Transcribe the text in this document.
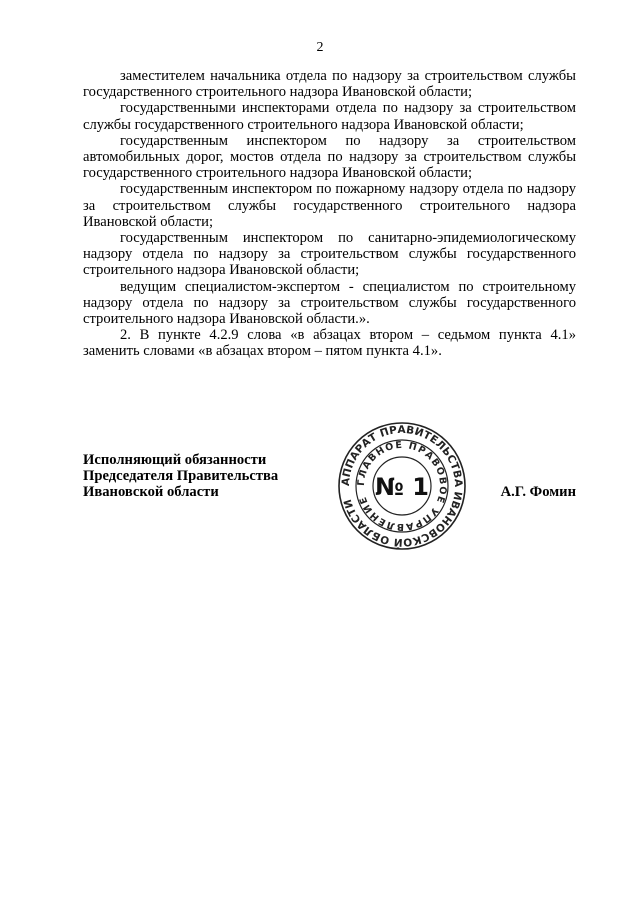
2

заместителем начальника отдела по надзору за строительством службы государственного строительного надзора Ивановской области;

государственными инспекторами отдела по надзору за строительством службы государственного строительного надзора Ивановской области;

государственным инспектором по надзору за строительством автомобильных дорог, мостов отдела по надзору за строительством службы государственного строительного надзора Ивановской области;

государственным инспектором по пожарному надзору отдела по надзору за строительством службы государственного строительного надзора Ивановской области;

государственным инспектором по санитарно-эпидемиологическому надзору отдела по надзору за строительством службы государственного строительного надзора Ивановской области;

ведущим специалистом-экспертом - специалистом по строительному надзору отдела по надзору за строительством службы государственного строительного надзора Ивановской области.».

2. В пункте 4.2.9 слова «в абзацах втором – седьмом пункта 4.1» заменить словами «в абзацах втором – пятом пункта 4.1».

Исполняющий обязанности
Председателя Правительства
Ивановской области
АППАРАТ ПРАВИТЕЛЬСТВА ИВАНОВСКОЙ ОБЛАСТИ
ГЛАВНОЕ ПРАВОВОЕ УПРАВЛЕНИЕ № 1	А.Г. Фомин
